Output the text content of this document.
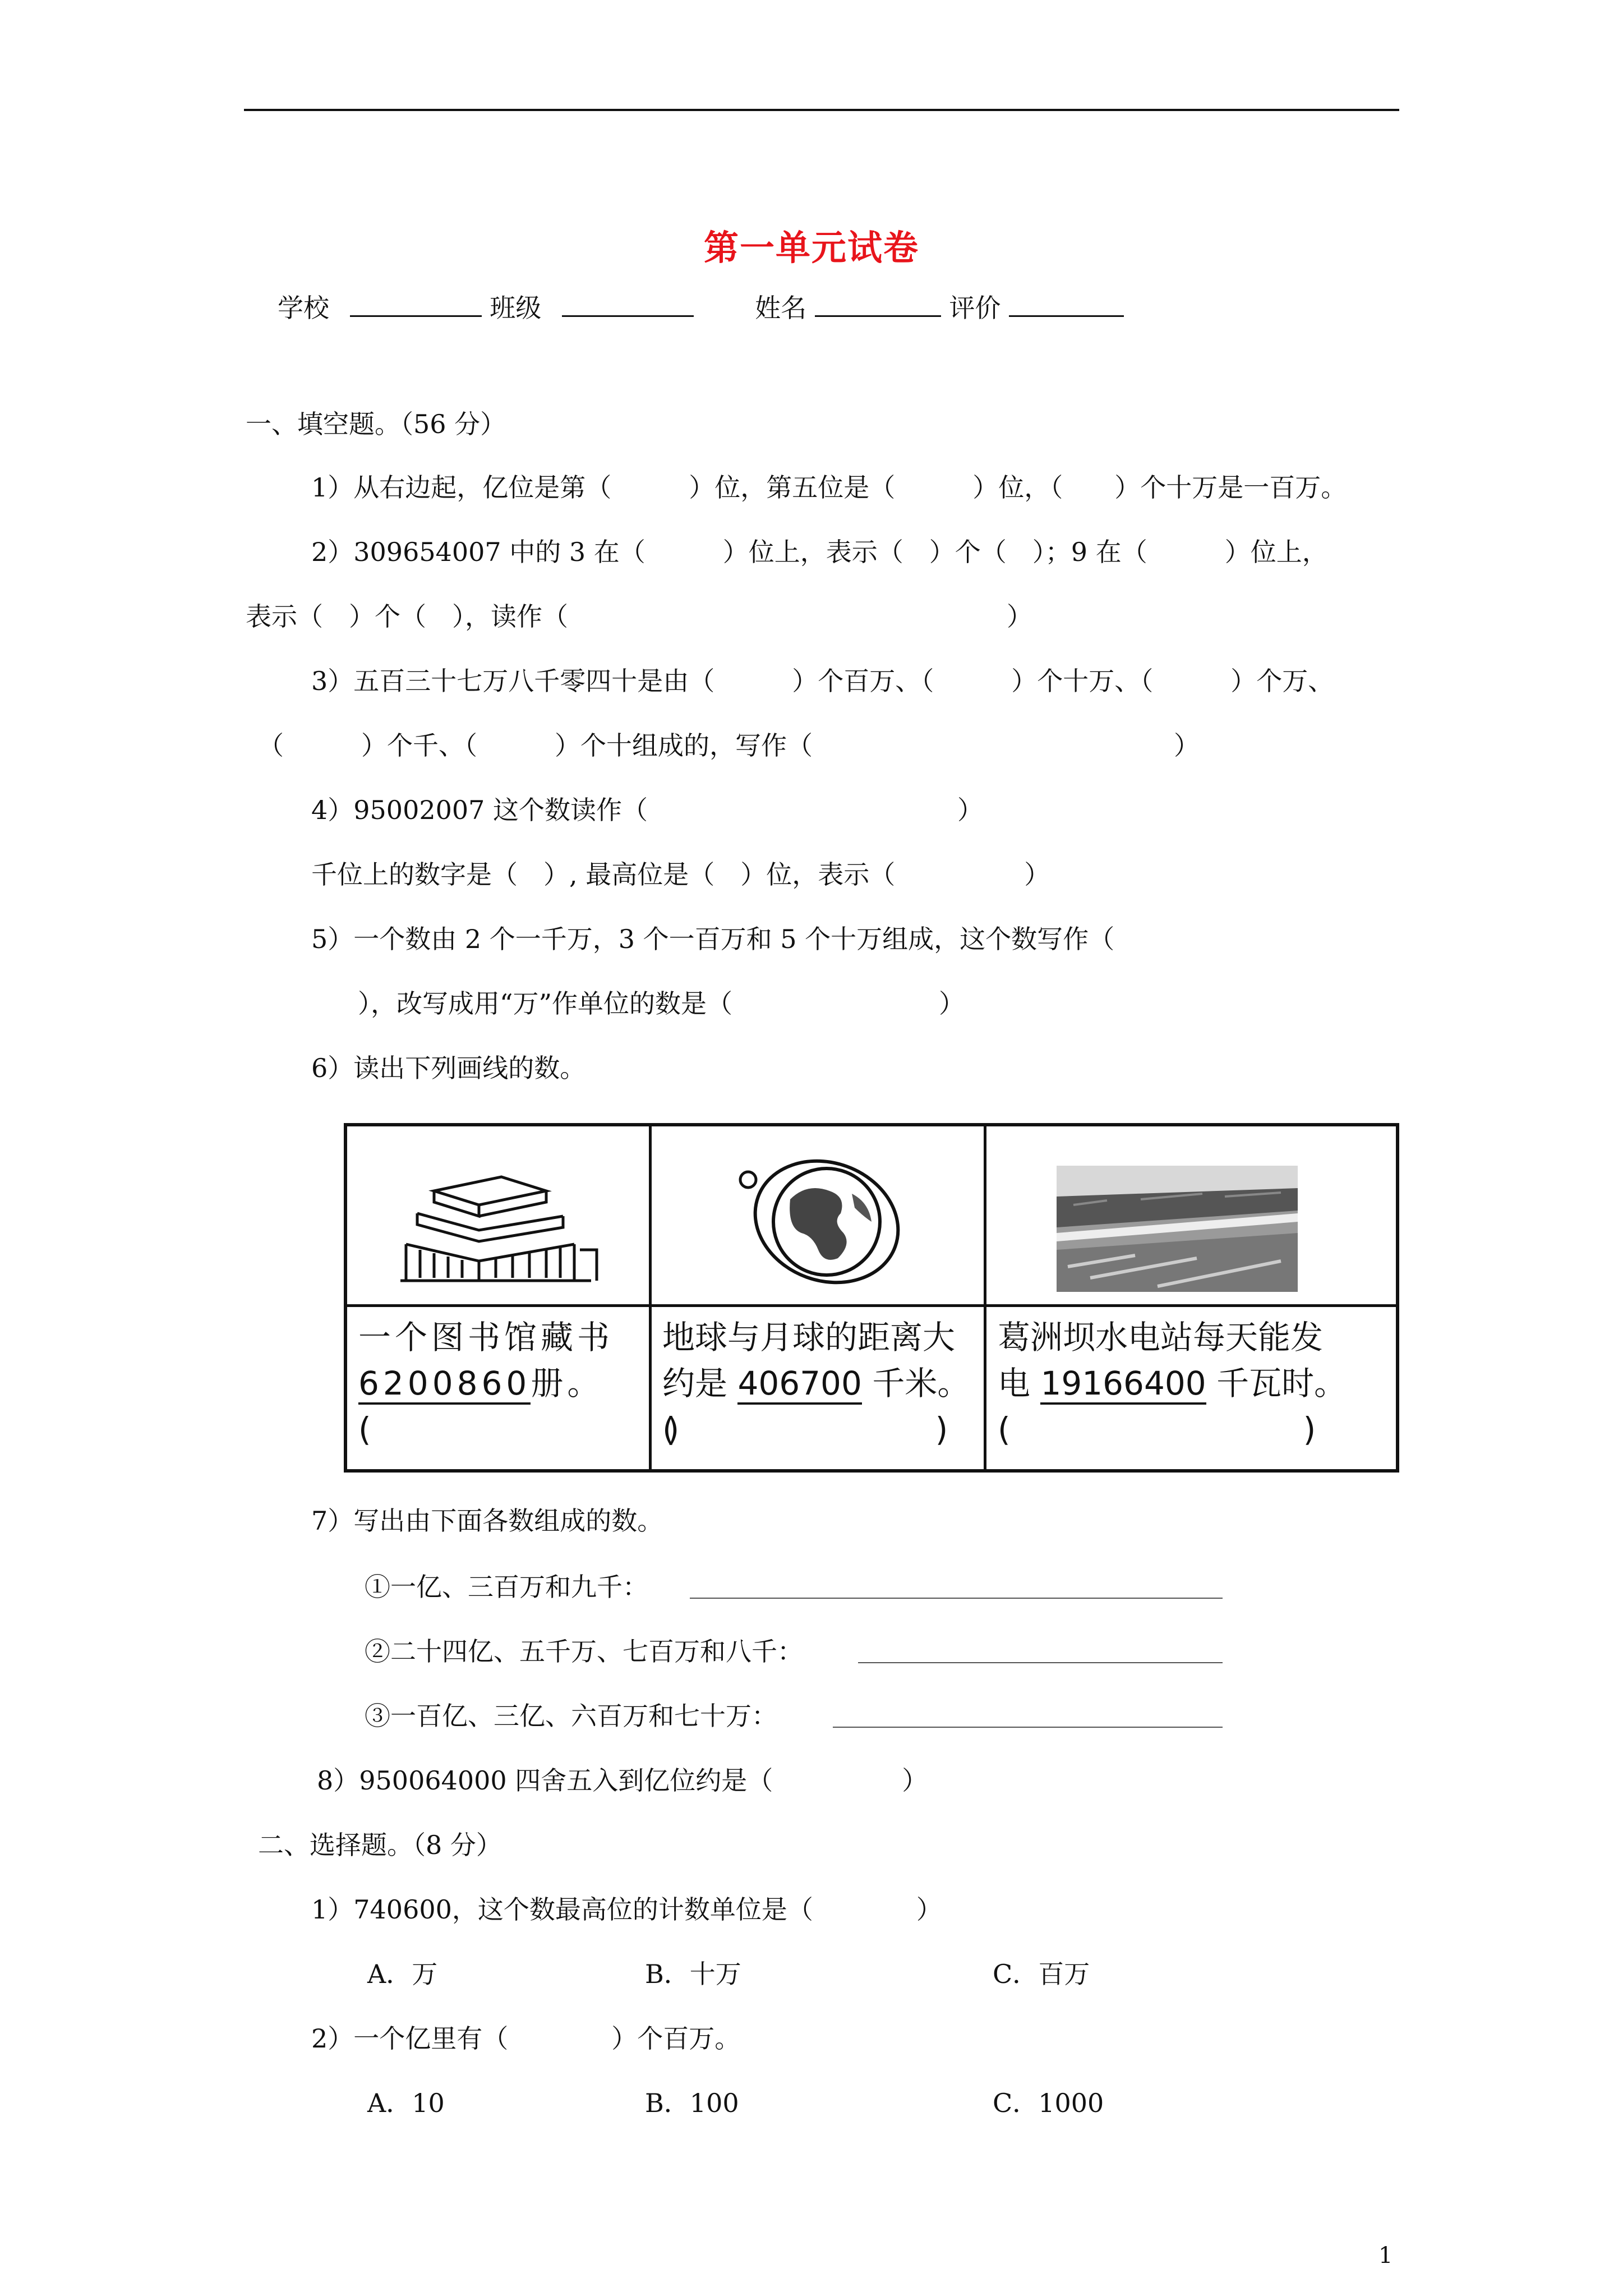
第一单元试卷
学校	班级	姓名	评价
一、填空题。（56 分）
1）从右边起，亿位是第（　　　）位，第五位是（　　　）位，（　　）个十万是一百万。
2）309654007 中的 3 在（　　　）位上，表示（　）个（　）；9 在（　　　）位上，
表示（　）个（　），读作（　　　　　　　　　　　　　　　　　）
3）五百三十七万八千零四十是由（　　　）个百万、（　　　）个十万、（　　　）个万、
（　　　）个千、（　　　）个十组成的，写作（　　　　　　　　　　　　　　）
4）95002007 这个数读作（　　　　　　　　　　　　）
千位上的数字是（　）, 最高位是（　）位，表示（　　　　　）
5）一个数由 2 个一千万，3 个一百万和 5 个十万组成，这个数写作（
），改写成用“万”作单位的数是（　　　　　　　　）
6）读出下列画线的数。
一个图书馆藏书
6200860册。
(　　　　　　　　)
地球与月球的距离大
约是 406700 千米。
(　　　　　　　　)
葛洲坝水电站每天能发
电 19166400 千瓦时。
(　　　　　　　　　)
7）写出由下面各数组成的数。
①一亿、三百万和九千：
②二十四亿、五千万、七百万和八千：
③一百亿、三亿、六百万和七十万：
8）950064000 四舍五入到亿位约是（　　　　　）
二、选择题。（8 分）
1）740600，这个数最高位的计数单位是（　　　　）
A．万	B．十万	C．百万
2）一个亿里有（　　　　）个百万。
A．10	B．100	C．1000
1
